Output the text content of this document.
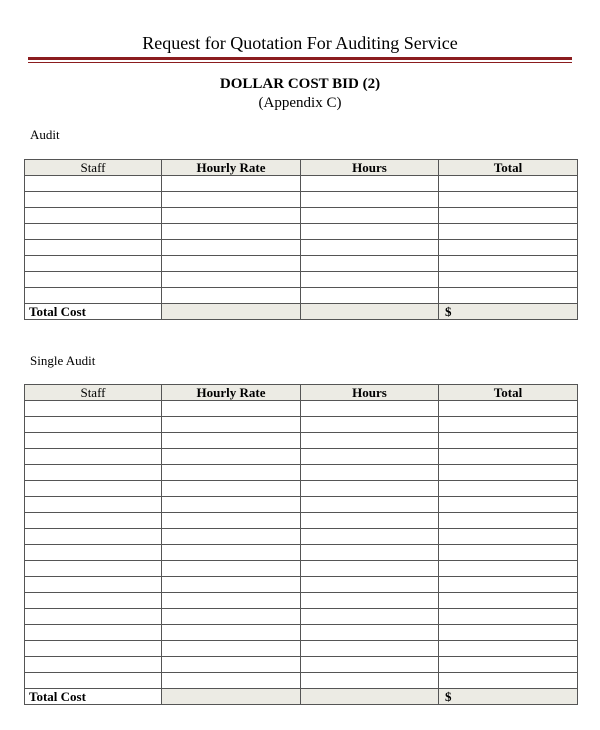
Request for Quotation For Auditing Service
DOLLAR COST BID (2)
(Appendix C)
Audit
Staff	Hourly Rate	Hours	Total

Total Cost			$
Single Audit
Staff	Hourly Rate	Hours	Total

Total Cost			$
